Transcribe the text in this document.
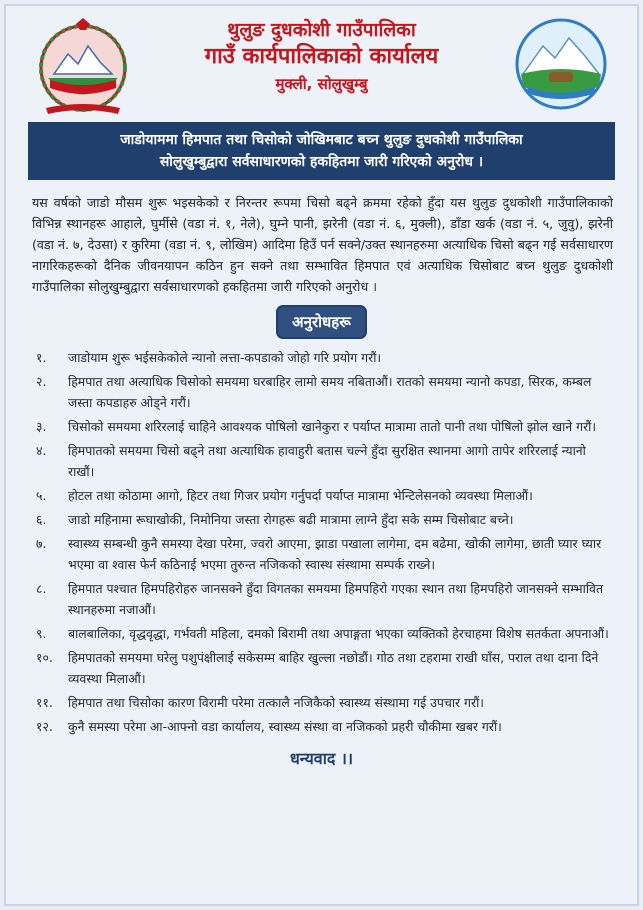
थुलुङ दुधकोशी गाउँपालिका
गाउँ कार्यपालिकाको कार्यालय
मुक्ली, सोलुखुम्बु
जाडोयाममा हिमपात तथा चिसोको जोखिमबाट बच्न थुलुङ दुधकोशी गाउँपालिका
सोलुखुम्बुद्वारा सर्वसाधारणको हकहितमा जारी गरिएको अनुरोध ।
यस वर्षको जाडो मौसम शुरू भइसकेको र निरन्तर रूपमा चिसो बढ्ने क्रममा रहेको हुँदा यस थुलुङ दुधकोशी गाउँपालिकाको विभिन्न स्थानहरू आहाले, घुर्मीसे (वडा नं. १, नेले), घुम्ने पानी, झरेनी (वडा नं. ६, मुक्ली), डाँडा खर्क (वडा नं. ५, जुवु), झरेनी (वडा नं. ७, देउसा) र कुरिमा (वडा नं. ९, लोखिम) आदिमा हिउँ पर्न सक्ने/उक्त स्थानहरुमा अत्याधिक चिसो बढ्न गई सर्वसाधारण नागरिकहरूको दैनिक जीवनयापन कठिन हुन सक्ने तथा सम्भावित हिमपात एवं अत्याधिक चिसोबाट बच्न थुलुङ दुधकोशी गाउँपालिका सोलुखुम्बुद्वारा सर्वसाधारणको हकहितमा जारी गरिएको अनुरोध ।
अनुरोधहरू
१.	जाडोयाम शुरू भईसकेकोले न्यानो लत्ता-कपडाको जोहो गरि प्रयोग गरौं।
२.	हिमपात तथा अत्याधिक चिसोको समयमा घरबाहिर लामो समय नबिताऔं। रातको समयमा न्यानो कपडा, सिरक, कम्बल जस्ता कपडाहरु ओड्ने गरौं।
३.	चिसोको समयमा शरिरलाई चाहिने आवश्यक पोषिलो खानेकुरा र पर्याप्त मात्रामा तातो पानी तथा पोषिलो झोल खाने गरौं।
४.	हिमपातको समयमा चिसो बढ्ने तथा अत्याधिक हावाहुरी बतास चल्ने हुँदा सुरक्षित स्थानमा आगो तापेर शरिरलाई न्यानो राखौं।
५.	होटल तथा कोठामा आगो, हिटर तथा गिजर प्रयोग गर्नुपर्दा पर्याप्त मात्रामा भेन्टिलेसनको व्यवस्था मिलाऔं।
६.	जाडो महिनामा रूघाखोकी, निमोनिया जस्ता रोगहरू बढी मात्रामा लाग्ने हुँदा सके सम्म चिसोबाट बच्ने।
७.	स्वास्थ्य सम्बन्धी कुनै समस्या देखा परेमा, ज्वरो आएमा, झाडा पखाला लागेमा, दम बढेमा, खोकी लागेमा, छाती घ्यार घ्यार भएमा वा श्वास फेर्न कठिनाई भएमा तुरुन्त नजिकको स्वास्थ संस्थामा सम्पर्क राख्ने।
८.	हिमपात पश्चात हिमपहिरोहरु जानसक्ने हुँदा विगतका समयमा हिमपहिरो गएका स्थान तथा हिमपहिरो जानसक्ने सम्भावित स्थानहरुमा नजाऔं।
९.	बालबालिका, वृद्धवृद्धा, गर्भवती महिला, दमको बिरामी तथा अपाङ्गता भएका व्यक्तिको हेरचाहमा विशेष सतर्कता अपनाऔं।
१०.	हिमपातको समयमा घरेलु पशुपंक्षीलाई सकेसम्म बाहिर खुल्ला नछोडौं। गोठ तथा टहरामा राखी घाँस, पराल तथा दाना दिने व्यवस्था मिलाऔं।
११.	हिमपात तथा चिसोका कारण विरामी परेमा तत्कालै नजिकैको स्वास्थ्य संस्थामा गई उपचार गरौं।
१२.	कुनै समस्या परेमा आ-आफ्नो वडा कार्यालय, स्वास्थ्य संस्था वा नजिकको प्रहरी चौकीमा खबर गरौं।
धन्यवाद ।।
